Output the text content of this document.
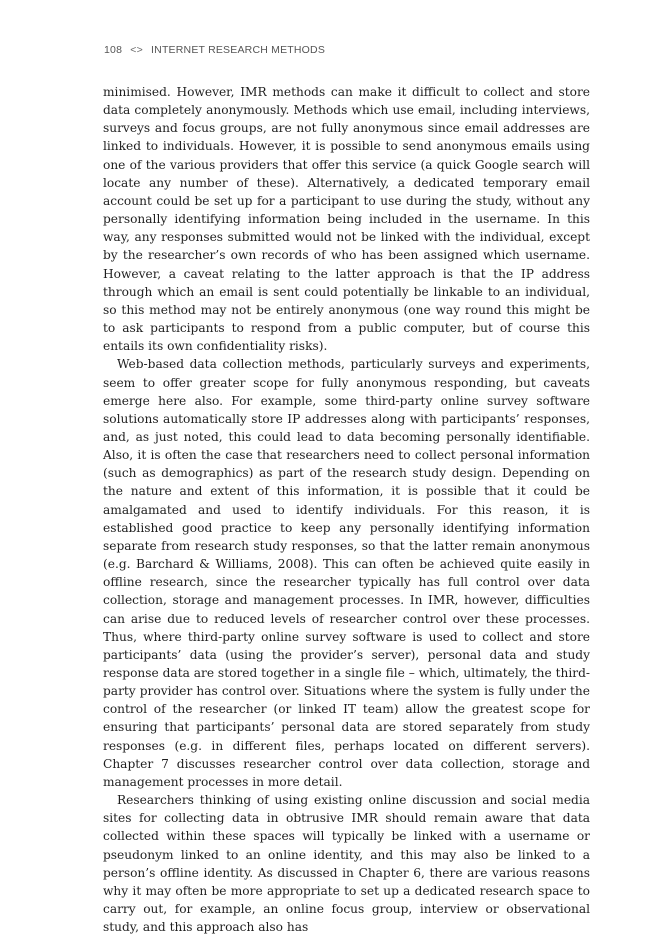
108 <> INTERNET RESEARCH METHODS

minimised. However, IMR methods can make it difficult to collect and store data completely anonymously. Methods which use email, including interviews, surveys and focus groups, are not fully anonymous since email addresses are linked to individuals. However, it is possible to send anonymous emails using one of the various providers that offer this service (a quick Google search will locate any number of these). Alternatively, a dedicated temporary email account could be set up for a participant to use during the study, without any personally identifying information being included in the username. In this way, any responses submitted would not be linked with the individual, except by the researcher’s own records of who has been assigned which username. However, a caveat relating to the latter approach is that the IP address through which an email is sent could potentially be linkable to an individual, so this method may not be entirely anonymous (one way round this might be to ask participants to respond from a public computer, but of course this entails its own confidentiality risks).

Web-based data collection methods, particularly surveys and experiments, seem to offer greater scope for fully anonymous responding, but caveats emerge here also. For example, some third-party online survey software solutions automatically store IP addresses along with participants’ responses, and, as just noted, this could lead to data becoming personally identifiable. Also, it is often the case that researchers need to collect personal information (such as demographics) as part of the research study design. Depending on the nature and extent of this information, it is possible that it could be amalgamated and used to identify individuals. For this reason, it is established good practice to keep any personally identifying information separate from research study responses, so that the latter remain anonymous (e.g. Barchard & Williams, 2008). This can often be achieved quite easily in offline research, since the researcher typically has full control over data collection, storage and management processes. In IMR, however, difficulties can arise due to reduced levels of researcher control over these processes. Thus, where third-party online survey software is used to collect and store participants’ data (using the provider’s server), personal data and study response data are stored together in a single file – which, ultimately, the third-party provider has control over. Situations where the system is fully under the control of the researcher (or linked IT team) allow the greatest scope for ensuring that participants’ personal data are stored separately from study responses (e.g. in different files, perhaps located on different servers). Chapter 7 discusses researcher control over data collection, storage and management processes in more detail.

Researchers thinking of using existing online discussion and social media sites for collecting data in obtrusive IMR should remain aware that data collected within these spaces will typically be linked with a username or pseudonym linked to an online identity, and this may also be linked to a person’s offline identity. As discussed in Chapter 6, there are various reasons why it may often be more appropriate to set up a dedicated research space to carry out, for example, an online focus group, interview or observational study, and this approach also has
